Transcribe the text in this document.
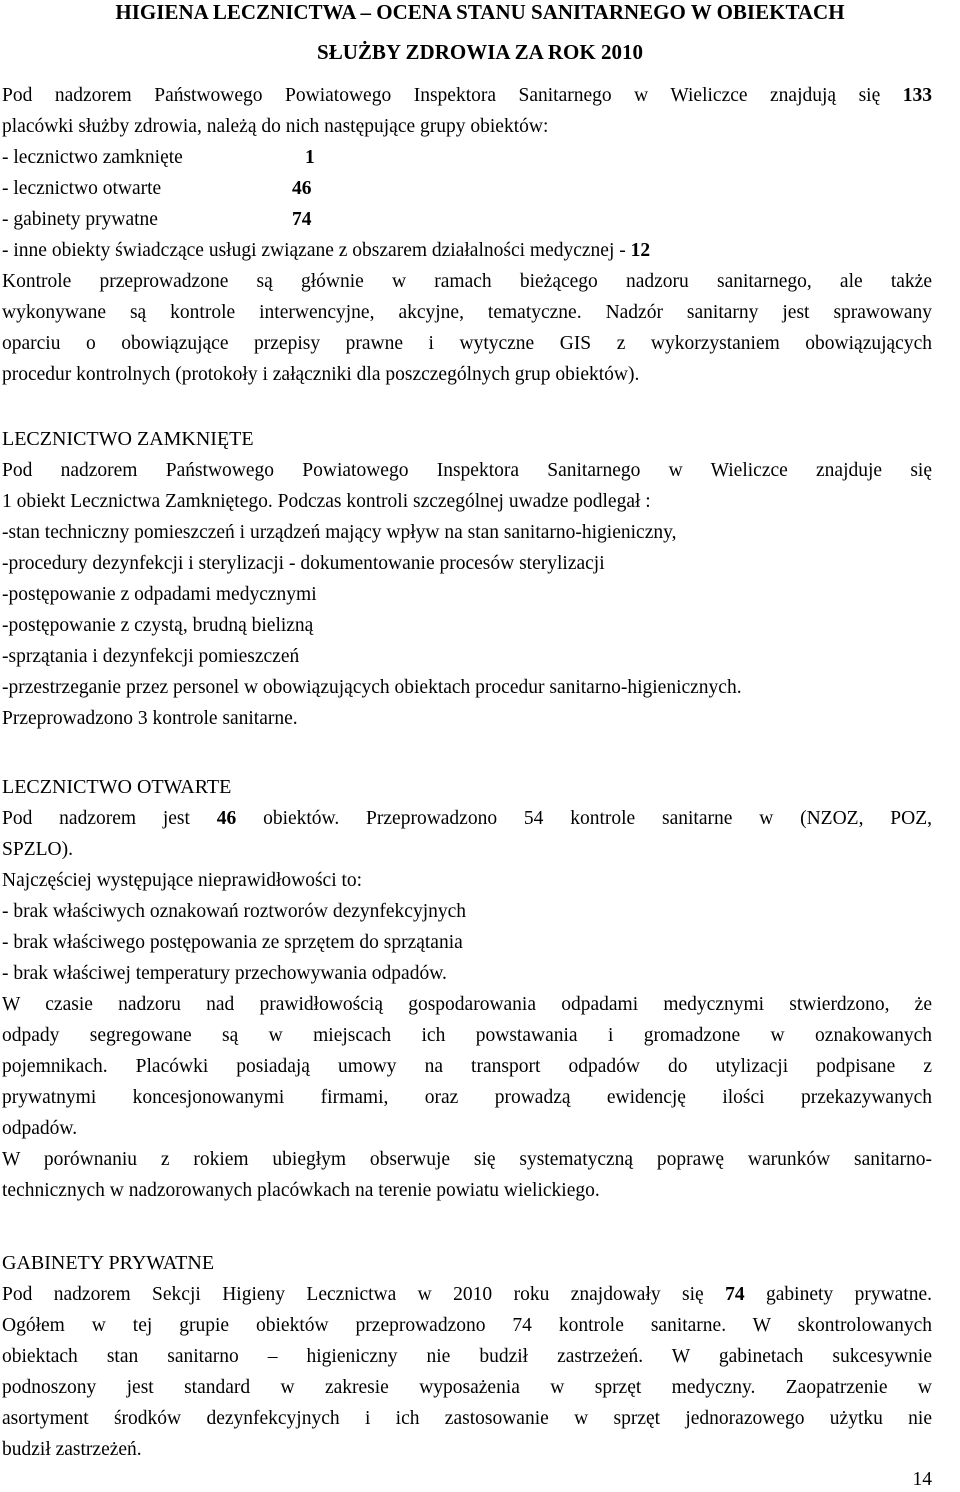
HIGIENA LECZNICTWA – OCENA STANU SANITARNEGO W OBIEKTACH
SŁUŻBY ZDROWIA ZA ROK 2010
Pod nadzorem Państwowego Powiatowego Inspektora Sanitarnego w Wieliczce znajdują się 133
placówki służby zdrowia, należą do nich następujące grupy obiektów:
- lecznictwo zamknięte	1
- lecznictwo otwarte	46
- gabinety prywatne	74
- inne obiekty świadczące usługi związane z obszarem działalności medycznej - 12
Kontrole przeprowadzone są głównie w ramach bieżącego nadzoru sanitarnego, ale także
wykonywane są kontrole interwencyjne, akcyjne, tematyczne. Nadzór sanitarny jest sprawowany
oparciu o obowiązujące przepisy prawne i wytyczne GIS z wykorzystaniem obowiązujących
procedur kontrolnych (protokoły i załączniki dla poszczególnych grup obiektów).
LECZNICTWO ZAMKNIĘTE
Pod nadzorem Państwowego Powiatowego Inspektora Sanitarnego w Wieliczce znajduje się
1 obiekt Lecznictwa Zamkniętego. Podczas kontroli szczególnej uwadze podlegał :
-stan techniczny pomieszczeń i urządzeń mający wpływ na stan sanitarno-higieniczny,
-procedury dezynfekcji i sterylizacji - dokumentowanie procesów sterylizacji
-postępowanie z odpadami medycznymi
-postępowanie z czystą, brudną bielizną
-sprzątania i dezynfekcji pomieszczeń
-przestrzeganie przez personel w obowiązujących obiektach procedur sanitarno-higienicznych.
Przeprowadzono 3 kontrole sanitarne.
LECZNICTWO OTWARTE
Pod nadzorem jest 46 obiektów. Przeprowadzono 54 kontrole sanitarne w (NZOZ, POZ,
SPZLO).
Najczęściej występujące nieprawidłowości to:
- brak właściwych oznakowań roztworów dezynfekcyjnych
- brak właściwego postępowania ze sprzętem do sprzątania
- brak właściwej temperatury przechowywania odpadów.
W czasie nadzoru nad prawidłowością gospodarowania odpadami medycznymi stwierdzono, że
odpady segregowane są w miejscach ich powstawania i gromadzone w oznakowanych
pojemnikach. Placówki posiadają umowy na transport odpadów do utylizacji podpisane z
prywatnymi koncesjonowanymi firmami, oraz prowadzą ewidencję ilości przekazywanych
odpadów.
W porównaniu z rokiem ubiegłym obserwuje się systematyczną poprawę warunków sanitarno-
technicznych w nadzorowanych placówkach na terenie powiatu wielickiego.
GABINETY PRYWATNE
Pod nadzorem Sekcji Higieny Lecznictwa w 2010 roku znajdowały się 74 gabinety prywatne.
Ogółem w tej grupie obiektów przeprowadzono 74 kontrole sanitarne. W skontrolowanych
obiektach stan sanitarno – higieniczny nie budził zastrzeżeń. W gabinetach sukcesywnie
podnoszony jest standard w zakresie wyposażenia w sprzęt medyczny. Zaopatrzenie w
asortyment środków dezynfekcyjnych i ich zastosowanie w sprzęt jednorazowego użytku nie
budził zastrzeżeń.
14
